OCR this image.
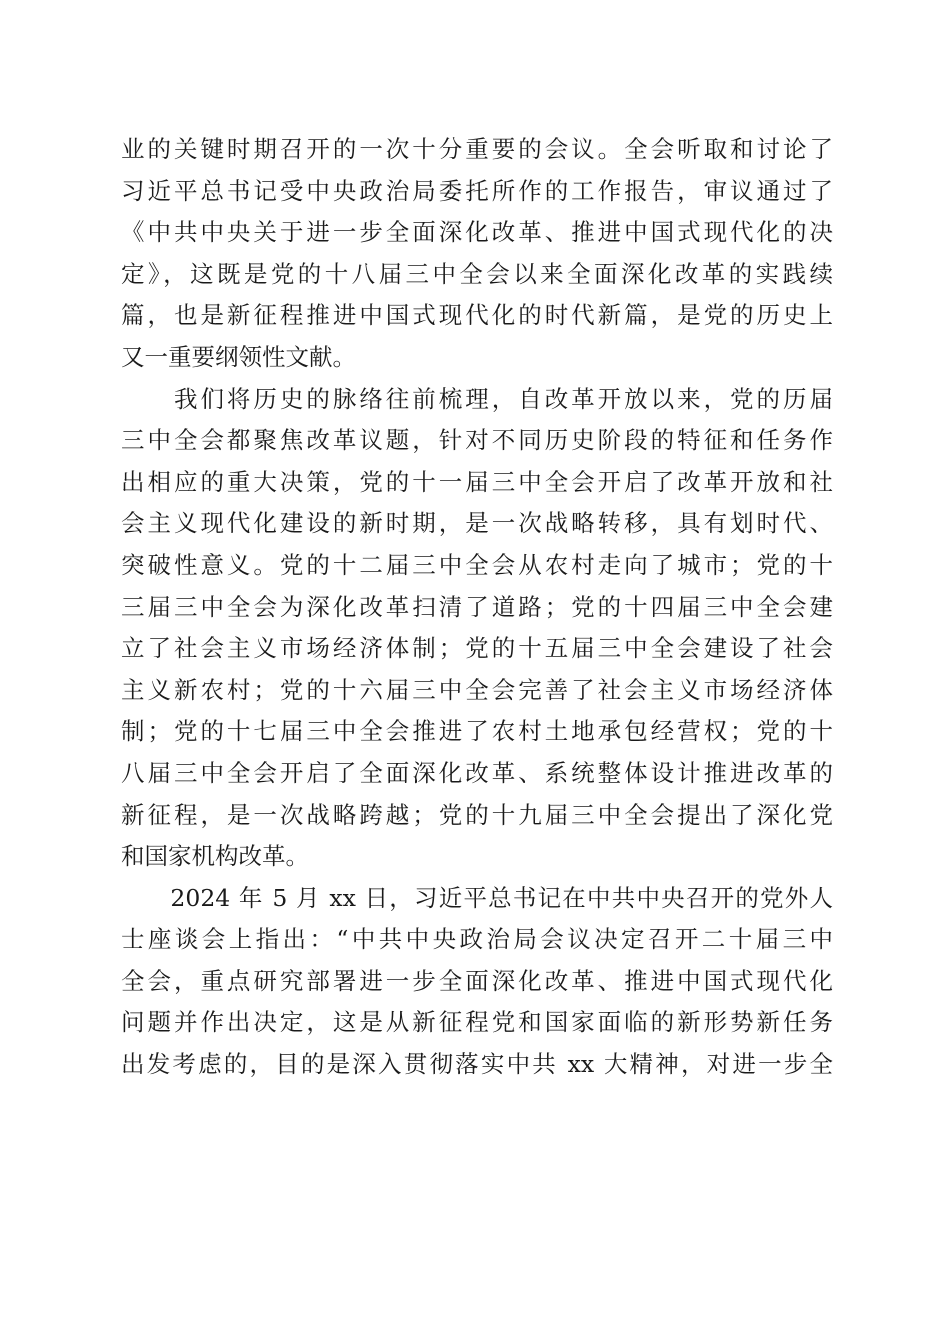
业的关键时期召开的一次十分重要的会议。全会听取和讨论了
习近平总书记受中央政治局委托所作的工作报告，审议通过了
《中共中央关于进一步全面深化改革、推进中国式现代化的决
定》，这既是党的十八届三中全会以来全面深化改革的实践续
篇，也是新征程推进中国式现代化的时代新篇，是党的历史上
又一重要纲领性文献。
　　我们将历史的脉络往前梳理，自改革开放以来，党的历届
三中全会都聚焦改革议题，针对不同历史阶段的特征和任务作
出相应的重大决策，党的十一届三中全会开启了改革开放和社
会主义现代化建设的新时期，是一次战略转移，具有划时代、
突破性意义。党的十二届三中全会从农村走向了城市；党的十
三届三中全会为深化改革扫清了道路；党的十四届三中全会建
立了社会主义市场经济体制；党的十五届三中全会建设了社会
主义新农村；党的十六届三中全会完善了社会主义市场经济体
制；党的十七届三中全会推进了农村土地承包经营权；党的十
八届三中全会开启了全面深化改革、系统整体设计推进改革的
新征程，是一次战略跨越；党的十九届三中全会提出了深化党
和国家机构改革。
　　2024 年 5 月 xx 日，习近平总书记在中共中央召开的党外人
士座谈会上指出：“中共中央政治局会议决定召开二十届三中
全会，重点研究部署进一步全面深化改革、推进中国式现代化
问题并作出决定，这是从新征程党和国家面临的新形势新任务
出发考虑的，目的是深入贯彻落实中共 xx 大精神，对进一步全
